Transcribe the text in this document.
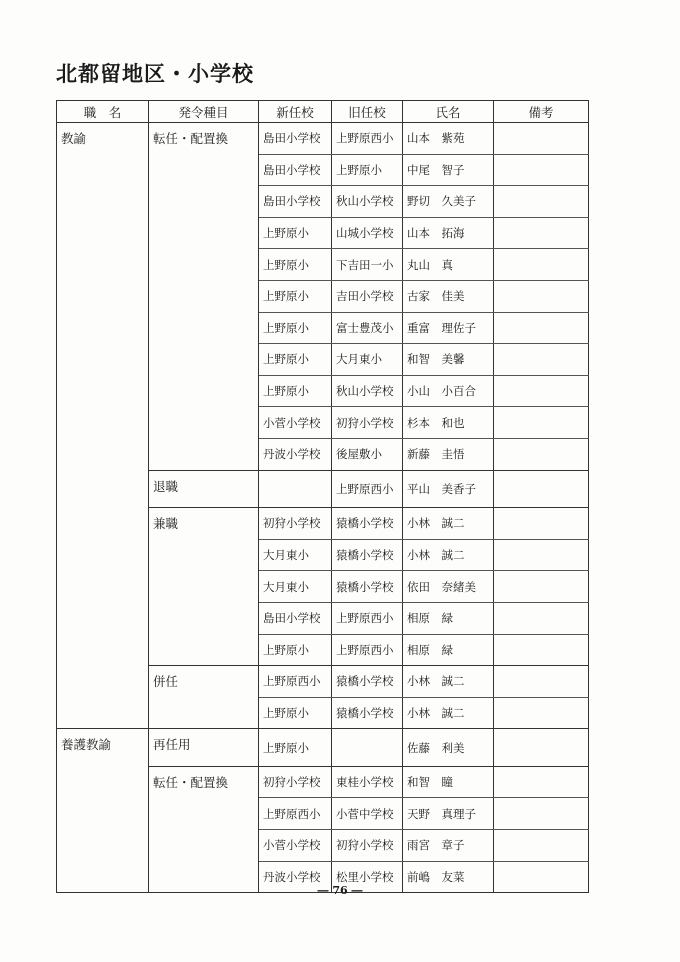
北都留地区・小学校
職　名	発令種目	新任校	旧任校	氏名	備考
教諭	転任・配置換	島田小学校	上野原西小	山本　紫苑	
		島田小学校	上野原小	中尾　智子	
		島田小学校	秋山小学校	野切　久美子	
		上野原小	山城小学校	山本　拓海	
		上野原小	下吉田一小	丸山　真	
		上野原小	吉田小学校	古家　佳美	
		上野原小	富士豊茂小	重富　理佐子	
		上野原小	大月東小	和智　美馨	
		上野原小	秋山小学校	小山　小百合	
		小菅小学校	初狩小学校	杉本　和也	
		丹波小学校	後屋敷小	新藤　圭悟	
	退職		上野原西小	平山　美香子	
	兼職	初狩小学校	猿橋小学校	小林　誠二	
		大月東小	猿橋小学校	小林　誠二	
		大月東小	猿橋小学校	依田　奈緒美	
		島田小学校	上野原西小	相原　緑	
		上野原小	上野原西小	相原　緑	
	併任	上野原西小	猿橋小学校	小林　誠二	
		上野原小	猿橋小学校	小林　誠二	
養護教諭	再任用	上野原小		佐藤　利美	
	転任・配置換	初狩小学校	東桂小学校	和智　瞳	
		上野原西小	小菅中学校	天野　真理子	
		小菅小学校	初狩小学校	雨宮　章子	
		丹波小学校	松里小学校	前嶋　友菜	
― 76 ―
